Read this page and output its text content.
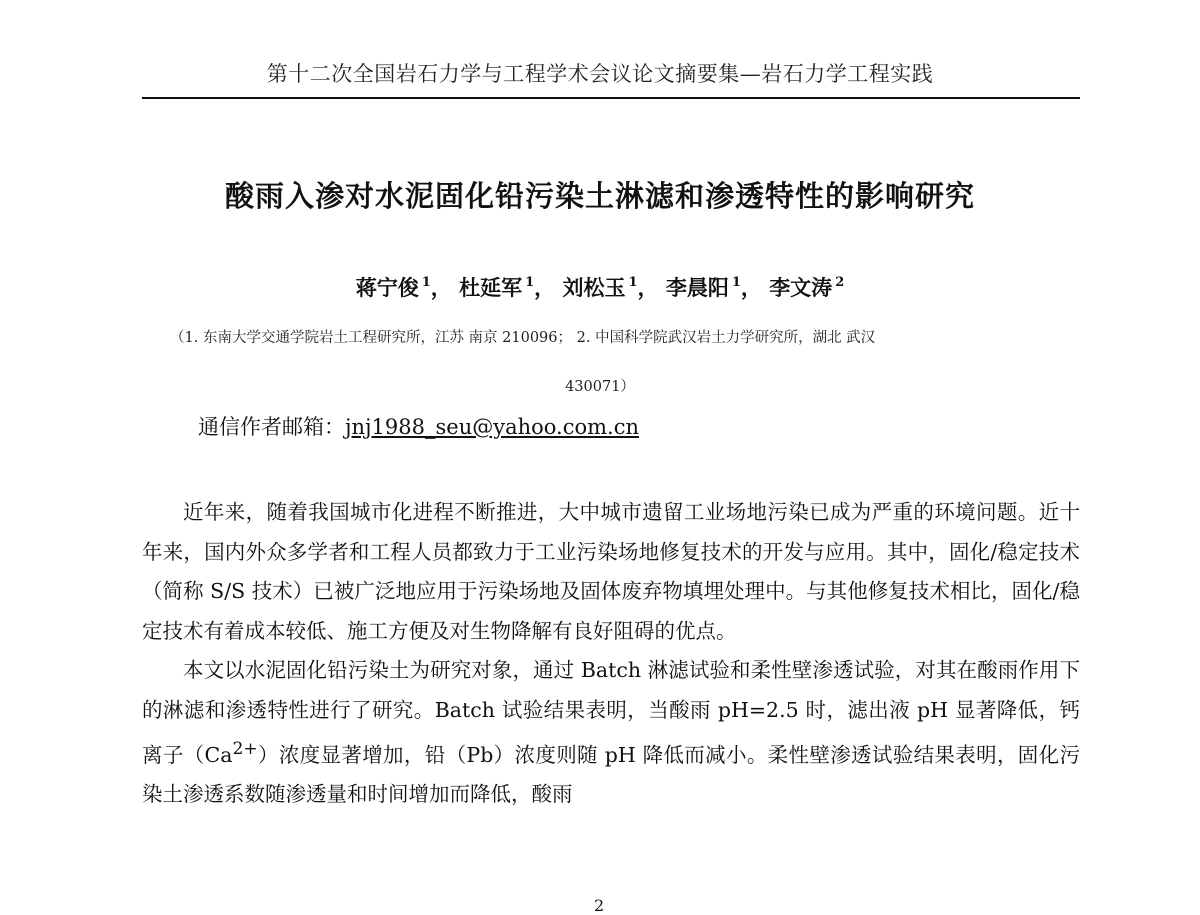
第十二次全国岩石力学与工程学术会议论文摘要集—岩石力学工程实践
酸雨入渗对水泥固化铅污染土淋滤和渗透特性的影响研究
蒋宁俊 $^1$， 杜延军 $^1$， 刘松玉 $^1$， 李晨阳 $^1$， 李文涛 $^2$
（1. 东南大学交通学院岩土工程研究所，江苏 南京 210096； 2. 中国科学院武汉岩土力学研究所，湖北 武汉
430071）
通信作者邮箱：jnj1988_seu@yahoo.com.cn

近年来，随着我国城市化进程不断推进，大中城市遗留工业场地污染已成为严重的环境问题。近十年来，国内外众多学者和工程人员都致力于工业污染场地修复技术的开发与应用。其中，固化/稳定技术（简称 S/S 技术）已被广泛地应用于污染场地及固体废弃物填埋处理中。与其他修复技术相比，固化/稳定技术有着成本较低、施工方便及对生物降解有良好阻碍的优点。

本文以水泥固化铅污染土为研究对象，通过 Batch 淋滤试验和柔性壁渗透试验，对其在酸雨作用下的淋滤和渗透特性进行了研究。Batch 试验结果表明，当酸雨 pH=2.5 时，滤出液 pH 显著降低，钙离子$(Ca^{2+})$浓度显著增加，铅（Pb）浓度则随 pH 降低而减小。柔性壁渗透试验结果表明，固化污染土渗透系数随渗透量和时间增加而降低，酸雨

2
